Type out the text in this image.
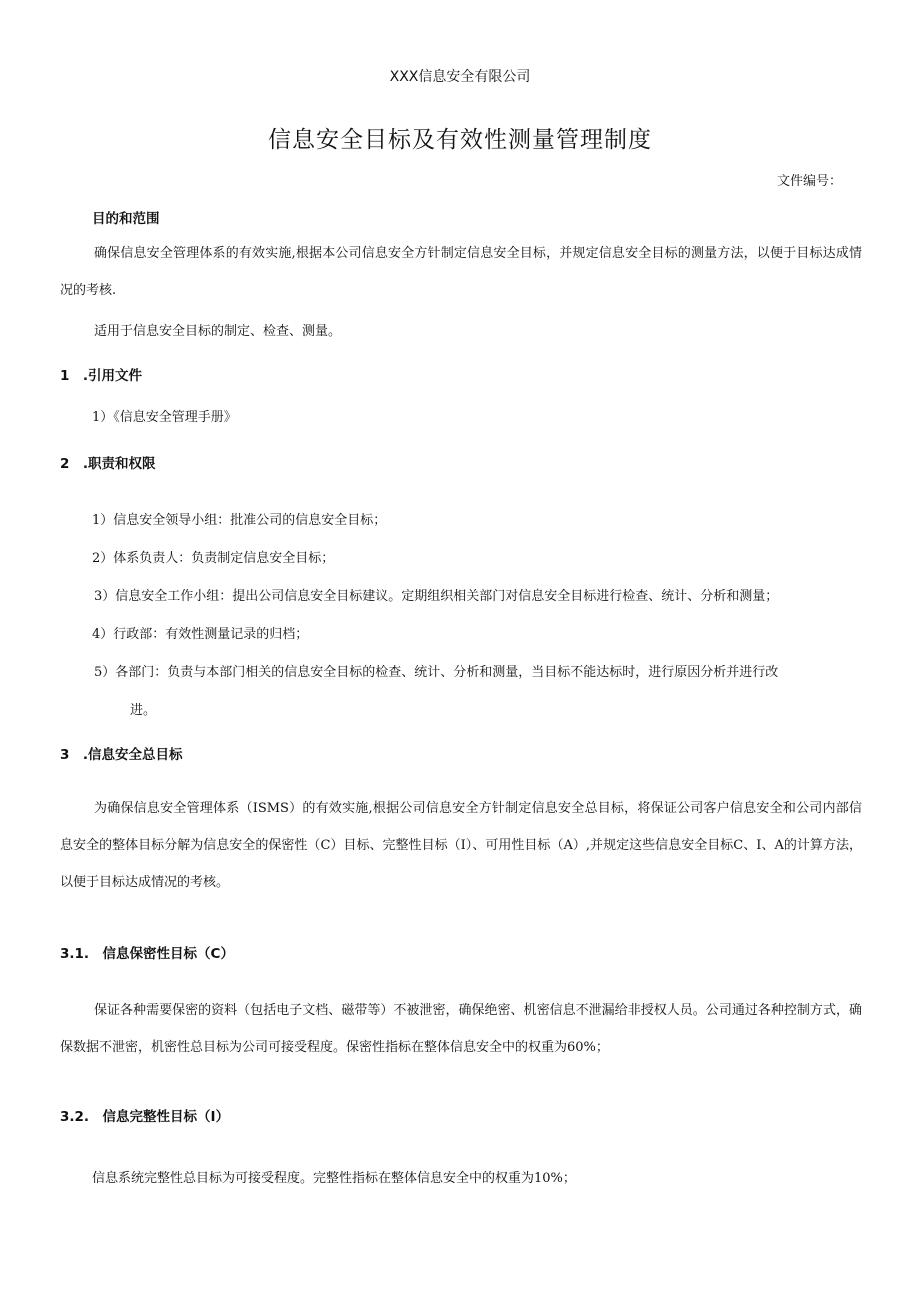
XXX信息安全有限公司
信息安全目标及有效性测量管理制度
文件编号：
目的和范围

确保信息安全管理体系的有效实施,根据本公司信息安全方针制定信息安全目标，并规定信息安全目标的测量方法，以便于目标达成情况的考核.

适用于信息安全目标的制定、检查、测量。
1　.引用文件
1）《信息安全管理手册》
2　.职责和权限
1）信息安全领导小组：批准公司的信息安全目标；
2）体系负责人：负责制定信息安全目标；
3）信息安全工作小组：提出公司信息安全目标建议。定期组织相关部门对信息安全目标进行检查、统计、分析和测量；
4）行政部：有效性测量记录的归档；
5）各部门：负责与本部门相关的信息安全目标的检查、统计、分析和测量，当目标不能达标时，进行原因分析并进行改
进。
3　.信息安全总目标

为确保信息安全管理体系（ISMS）的有效实施,根据公司信息安全方针制定信息安全总目标，将保证公司客户信息安全和公司内部信息安全的整体目标分解为信息安全的保密性（C）目标、完整性目标（I）、可用性目标（A）,并规定这些信息安全目标C、I、A的计算方法，以便于目标达成情况的考核。

3.1.　信息保密性目标（C）

保证各种需要保密的资料（包括电子文档、磁带等）不被泄密，确保绝密、机密信息不泄漏给非授权人员。公司通过各种控制方式，确保数据不泄密，机密性总目标为公司可接受程度。保密性指标在整体信息安全中的权重为60%；

3.2.　信息完整性目标（I）
信息系统完整性总目标为可接受程度。完整性指标在整体信息安全中的权重为10%；
